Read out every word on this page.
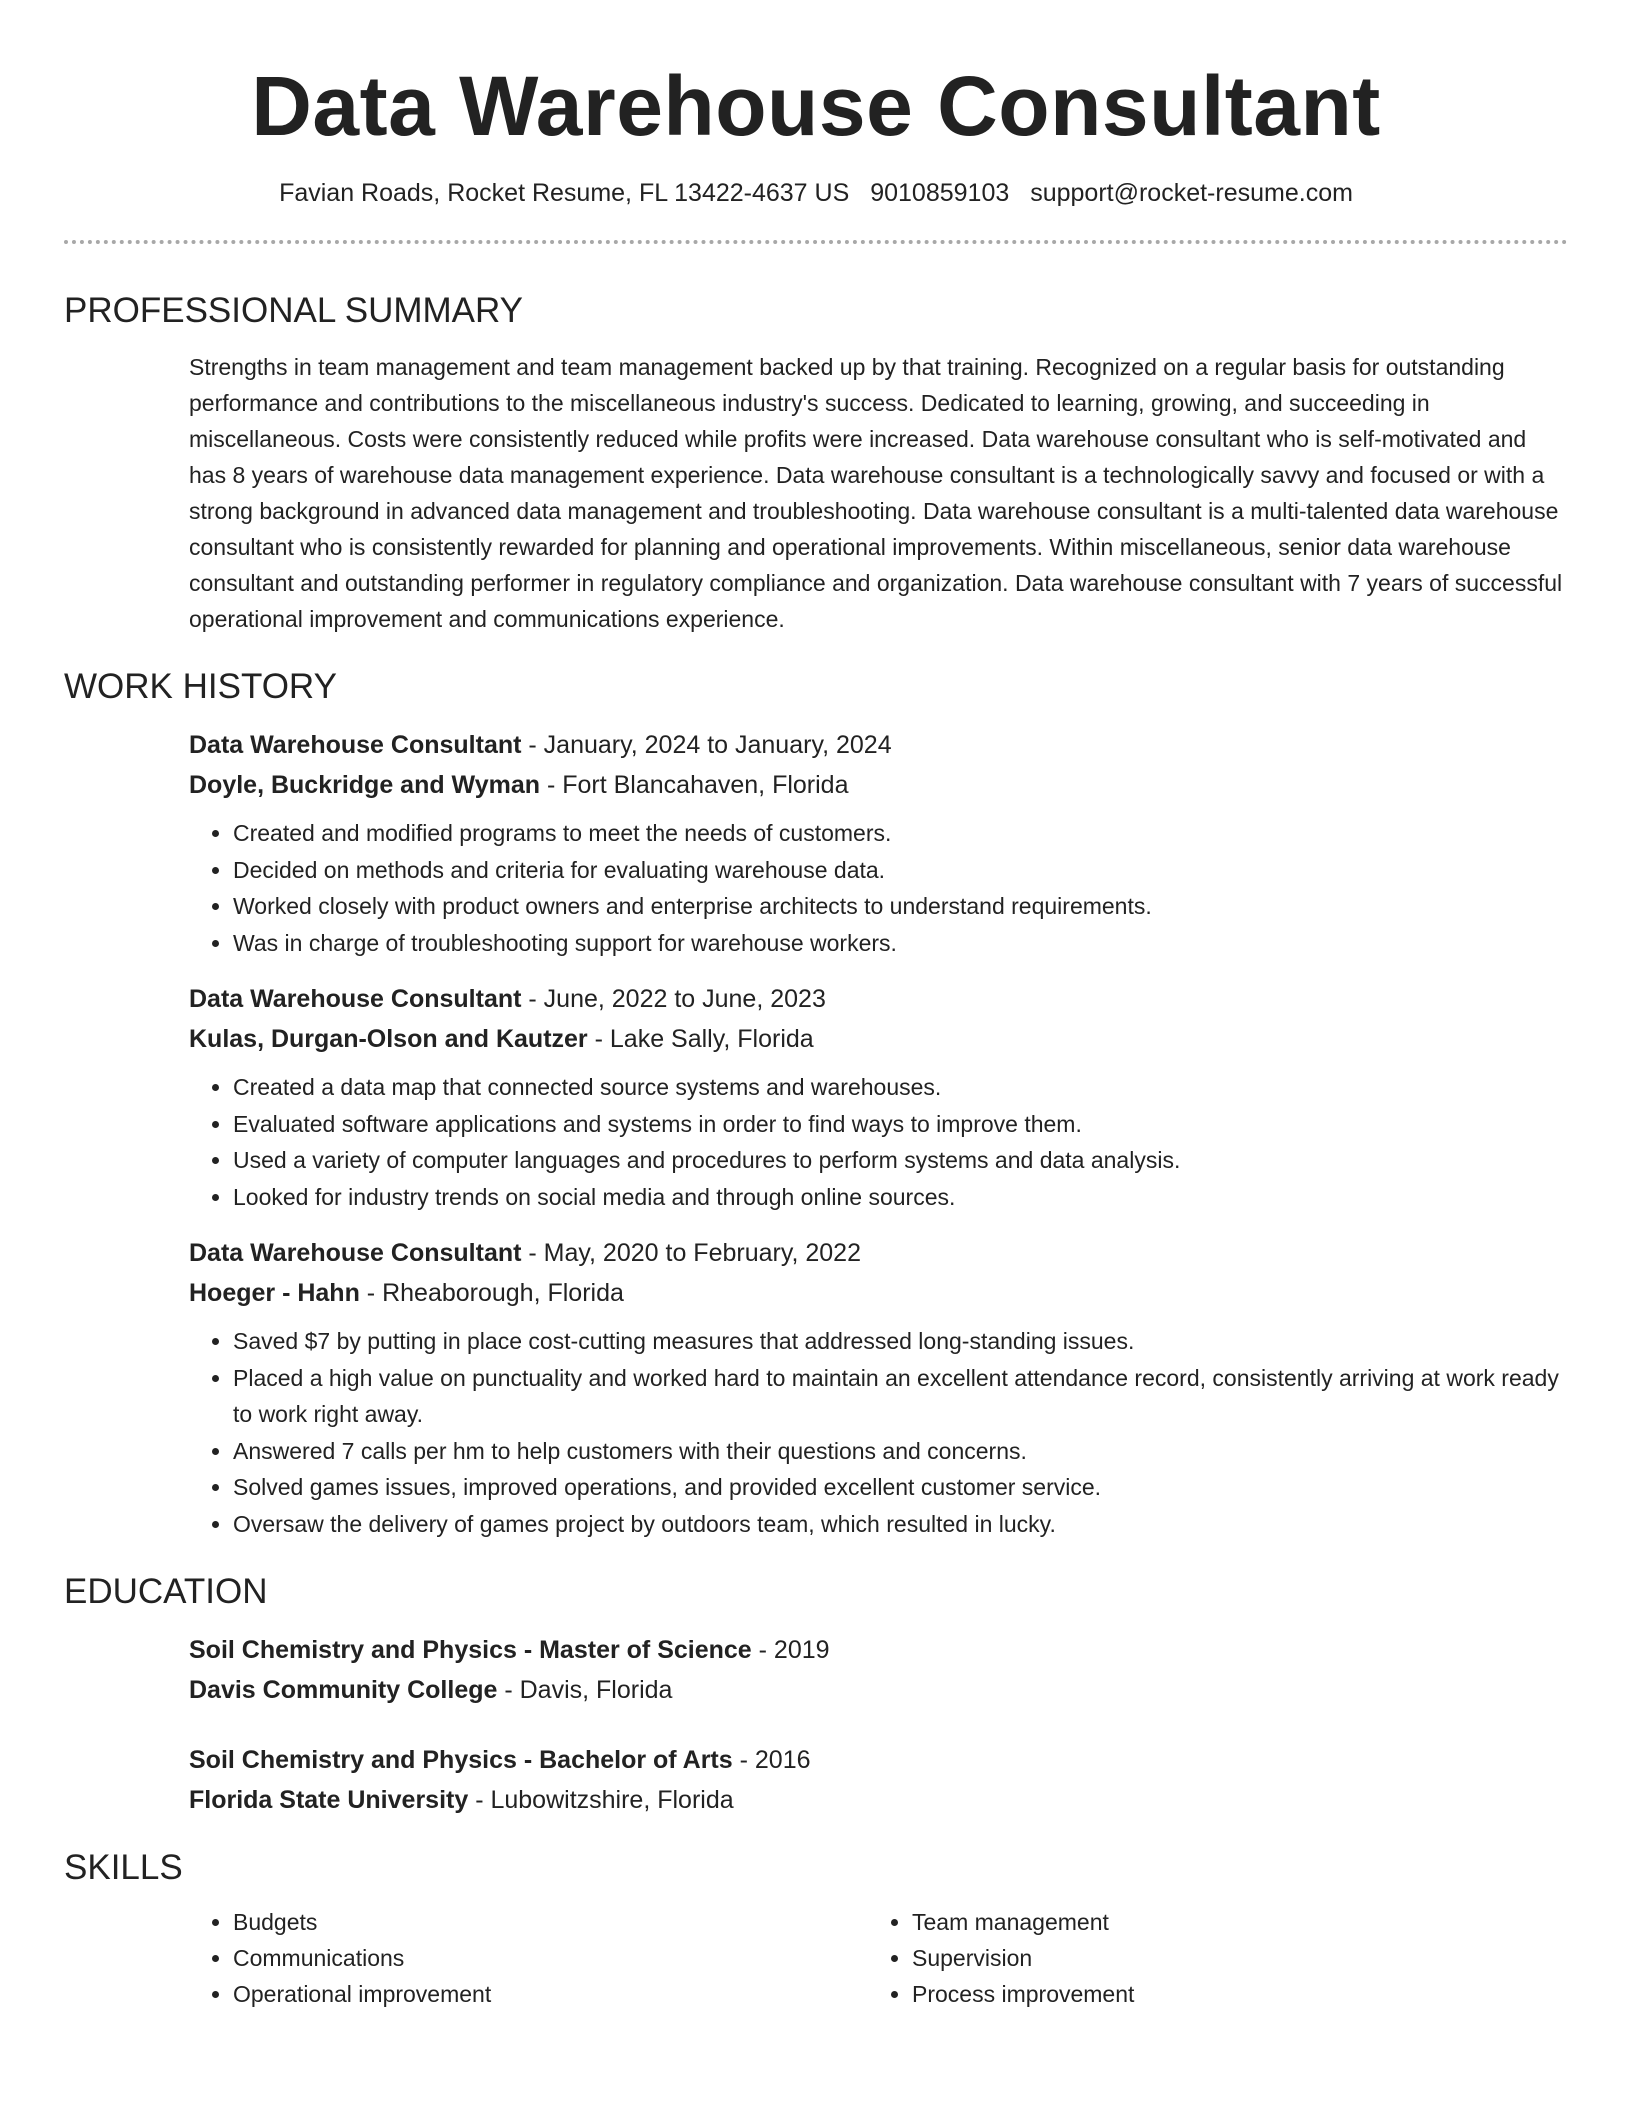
Data Warehouse Consultant
Favian Roads, Rocket Resume, FL 13422-4637 US 9010859103 support@rocket-resume.com
PROFESSIONAL SUMMARY

Strengths in team management and team management backed up by that training. Recognized on a regular basis for outstanding performance and contributions to the miscellaneous industry's success. Dedicated to learning, growing, and succeeding in miscellaneous. Costs were consistently reduced while profits were increased. Data warehouse consultant who is self-motivated and has 8 years of warehouse data management experience. Data warehouse consultant is a technologically savvy and focused or with a strong background in advanced data management and troubleshooting. Data warehouse consultant is a multi-talented data warehouse consultant who is consistently rewarded for planning and operational improvements. Within miscellaneous, senior data warehouse consultant and outstanding performer in regulatory compliance and organization. Data warehouse consultant with 7 years of successful operational improvement and communications experience.

WORK HISTORY
Data Warehouse Consultant - January, 2024 to January, 2024
Doyle, Buckridge and Wyman - Fort Blancahaven, Florida
• Created and modified programs to meet the needs of customers.
• Decided on methods and criteria for evaluating warehouse data.
• Worked closely with product owners and enterprise architects to understand requirements.
• Was in charge of troubleshooting support for warehouse workers.
Data Warehouse Consultant - June, 2022 to June, 2023
Kulas, Durgan-Olson and Kautzer - Lake Sally, Florida
• Created a data map that connected source systems and warehouses.
• Evaluated software applications and systems in order to find ways to improve them.
• Used a variety of computer languages and procedures to perform systems and data analysis.
• Looked for industry trends on social media and through online sources.
Data Warehouse Consultant - May, 2020 to February, 2022
Hoeger - Hahn - Rheaborough, Florida
• Saved $7 by putting in place cost-cutting measures that addressed long-standing issues.
• Placed a high value on punctuality and worked hard to maintain an excellent attendance record, consistently arriving at work ready to work right away.
• Answered 7 calls per hm to help customers with their questions and concerns.
• Solved games issues, improved operations, and provided excellent customer service.
• Oversaw the delivery of games project by outdoors team, which resulted in lucky.
EDUCATION
Soil Chemistry and Physics - Master of Science - 2019
Davis Community College - Davis, Florida
Soil Chemistry and Physics - Bachelor of Arts - 2016
Florida State University - Lubowitzshire, Florida
SKILLS
• Budgets
• Communications
• Operational improvement
• Team management
• Supervision
• Process improvement
